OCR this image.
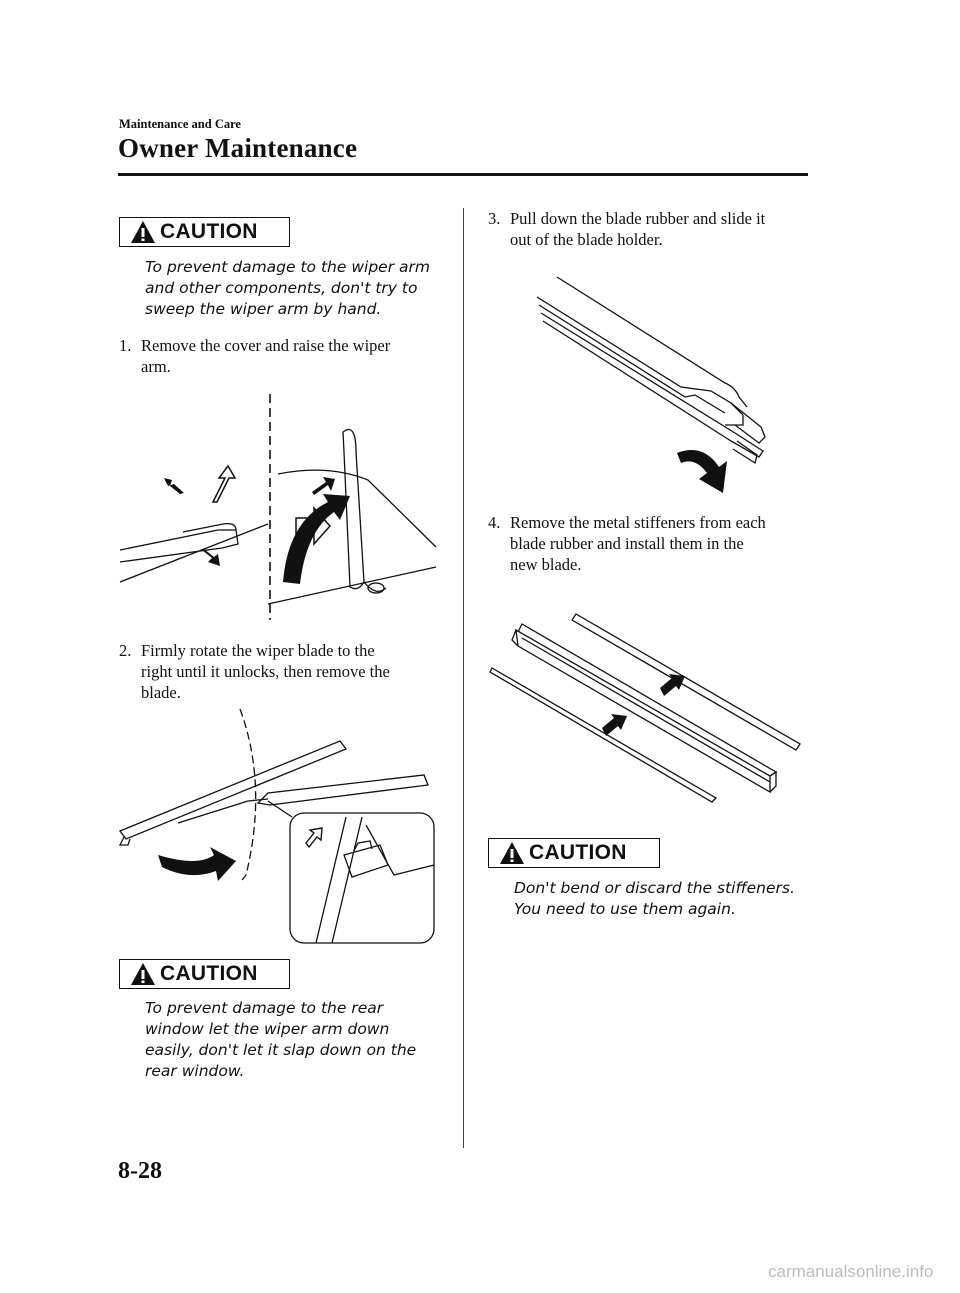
Maintenance and Care
Owner Maintenance
CAUTION
To prevent damage to the wiper arm
and other components, don't try to
sweep the wiper arm by hand.
1. Remove the cover and raise the wiper
arm.
2. Firmly rotate the wiper blade to the
right until it unlocks, then remove the
blade.
CAUTION
To prevent damage to the rear
window let the wiper arm down
easily, don't let it slap down on the
rear window.
3. Pull down the blade rubber and slide it
out of the blade holder.
4. Remove the metal stiffeners from each
blade rubber and install them in the
new blade.
CAUTION
Don't bend or discard the stiffeners.
You need to use them again.
8-28
carmanualsonline.info
